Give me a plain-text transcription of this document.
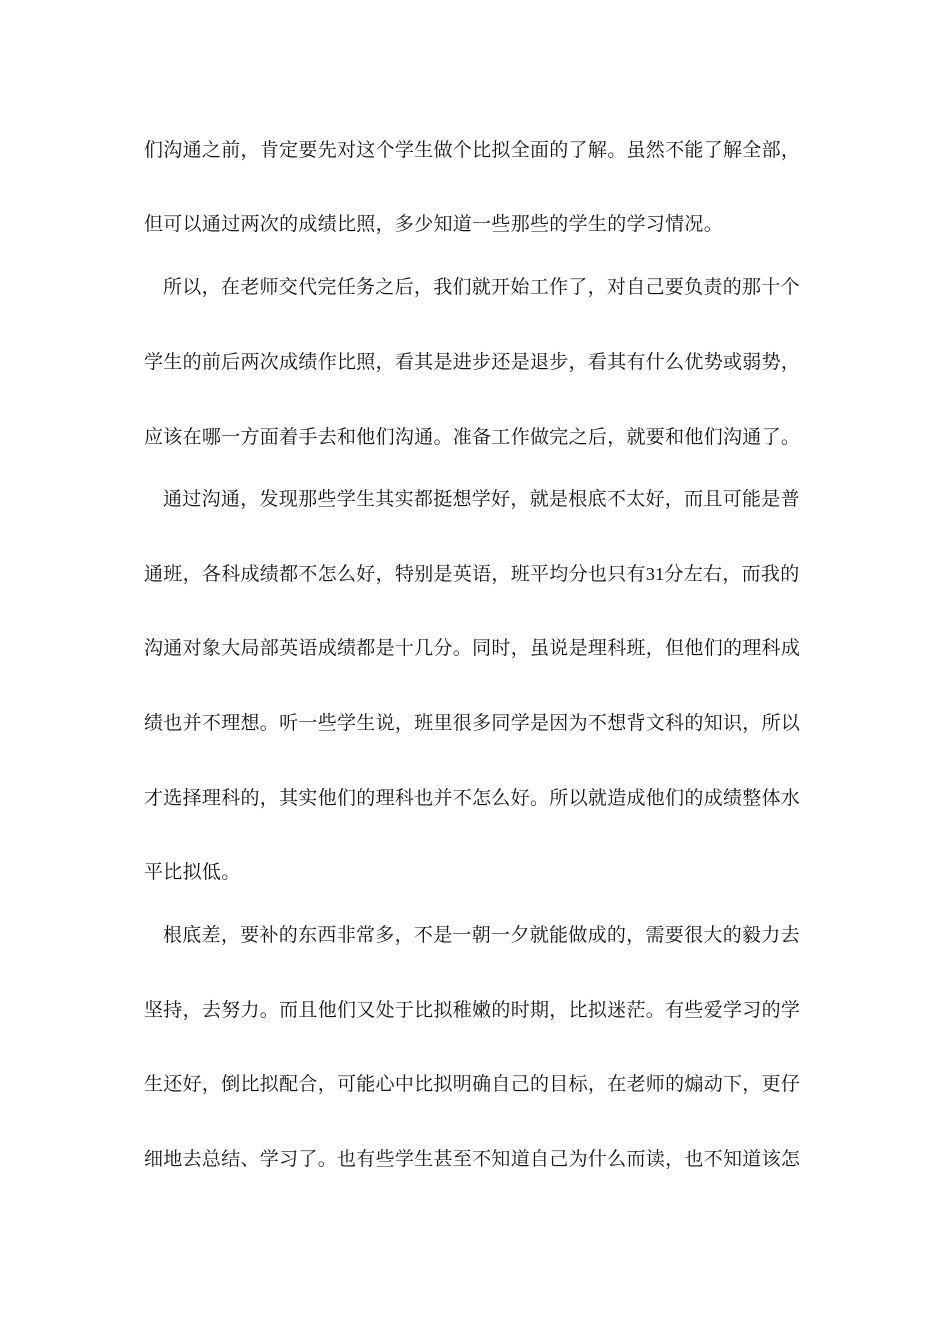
们沟通之前，肯定要先对这个学生做个比拟全面的了解。虽然不能了解全部，
但可以通过两次的成绩比照，多少知道一些那些的学生的学习情况。
所以，在老师交代完任务之后，我们就开始工作了，对自己要负责的那十个
学生的前后两次成绩作比照，看其是进步还是退步，看其有什么优势或弱势，
应该在哪一方面着手去和他们沟通。准备工作做完之后，就要和他们沟通了。
通过沟通，发现那些学生其实都挺想学好，就是根底不太好，而且可能是普
通班，各科成绩都不怎么好，特别是英语，班平均分也只有31分左右，而我的
沟通对象大局部英语成绩都是十几分。同时，虽说是理科班，但他们的理科成
绩也并不理想。听一些学生说，班里很多同学是因为不想背文科的知识，所以
才选择理科的，其实他们的理科也并不怎么好。所以就造成他们的成绩整体水
平比拟低。
根底差，要补的东西非常多，不是一朝一夕就能做成的，需要很大的毅力去
坚持，去努力。而且他们又处于比拟稚嫩的时期，比拟迷茫。有些爱学习的学
生还好，倒比拟配合，可能心中比拟明确自己的目标，在老师的煽动下，更仔
细地去总结、学习了。也有些学生甚至不知道自己为什么而读，也不知道该怎
